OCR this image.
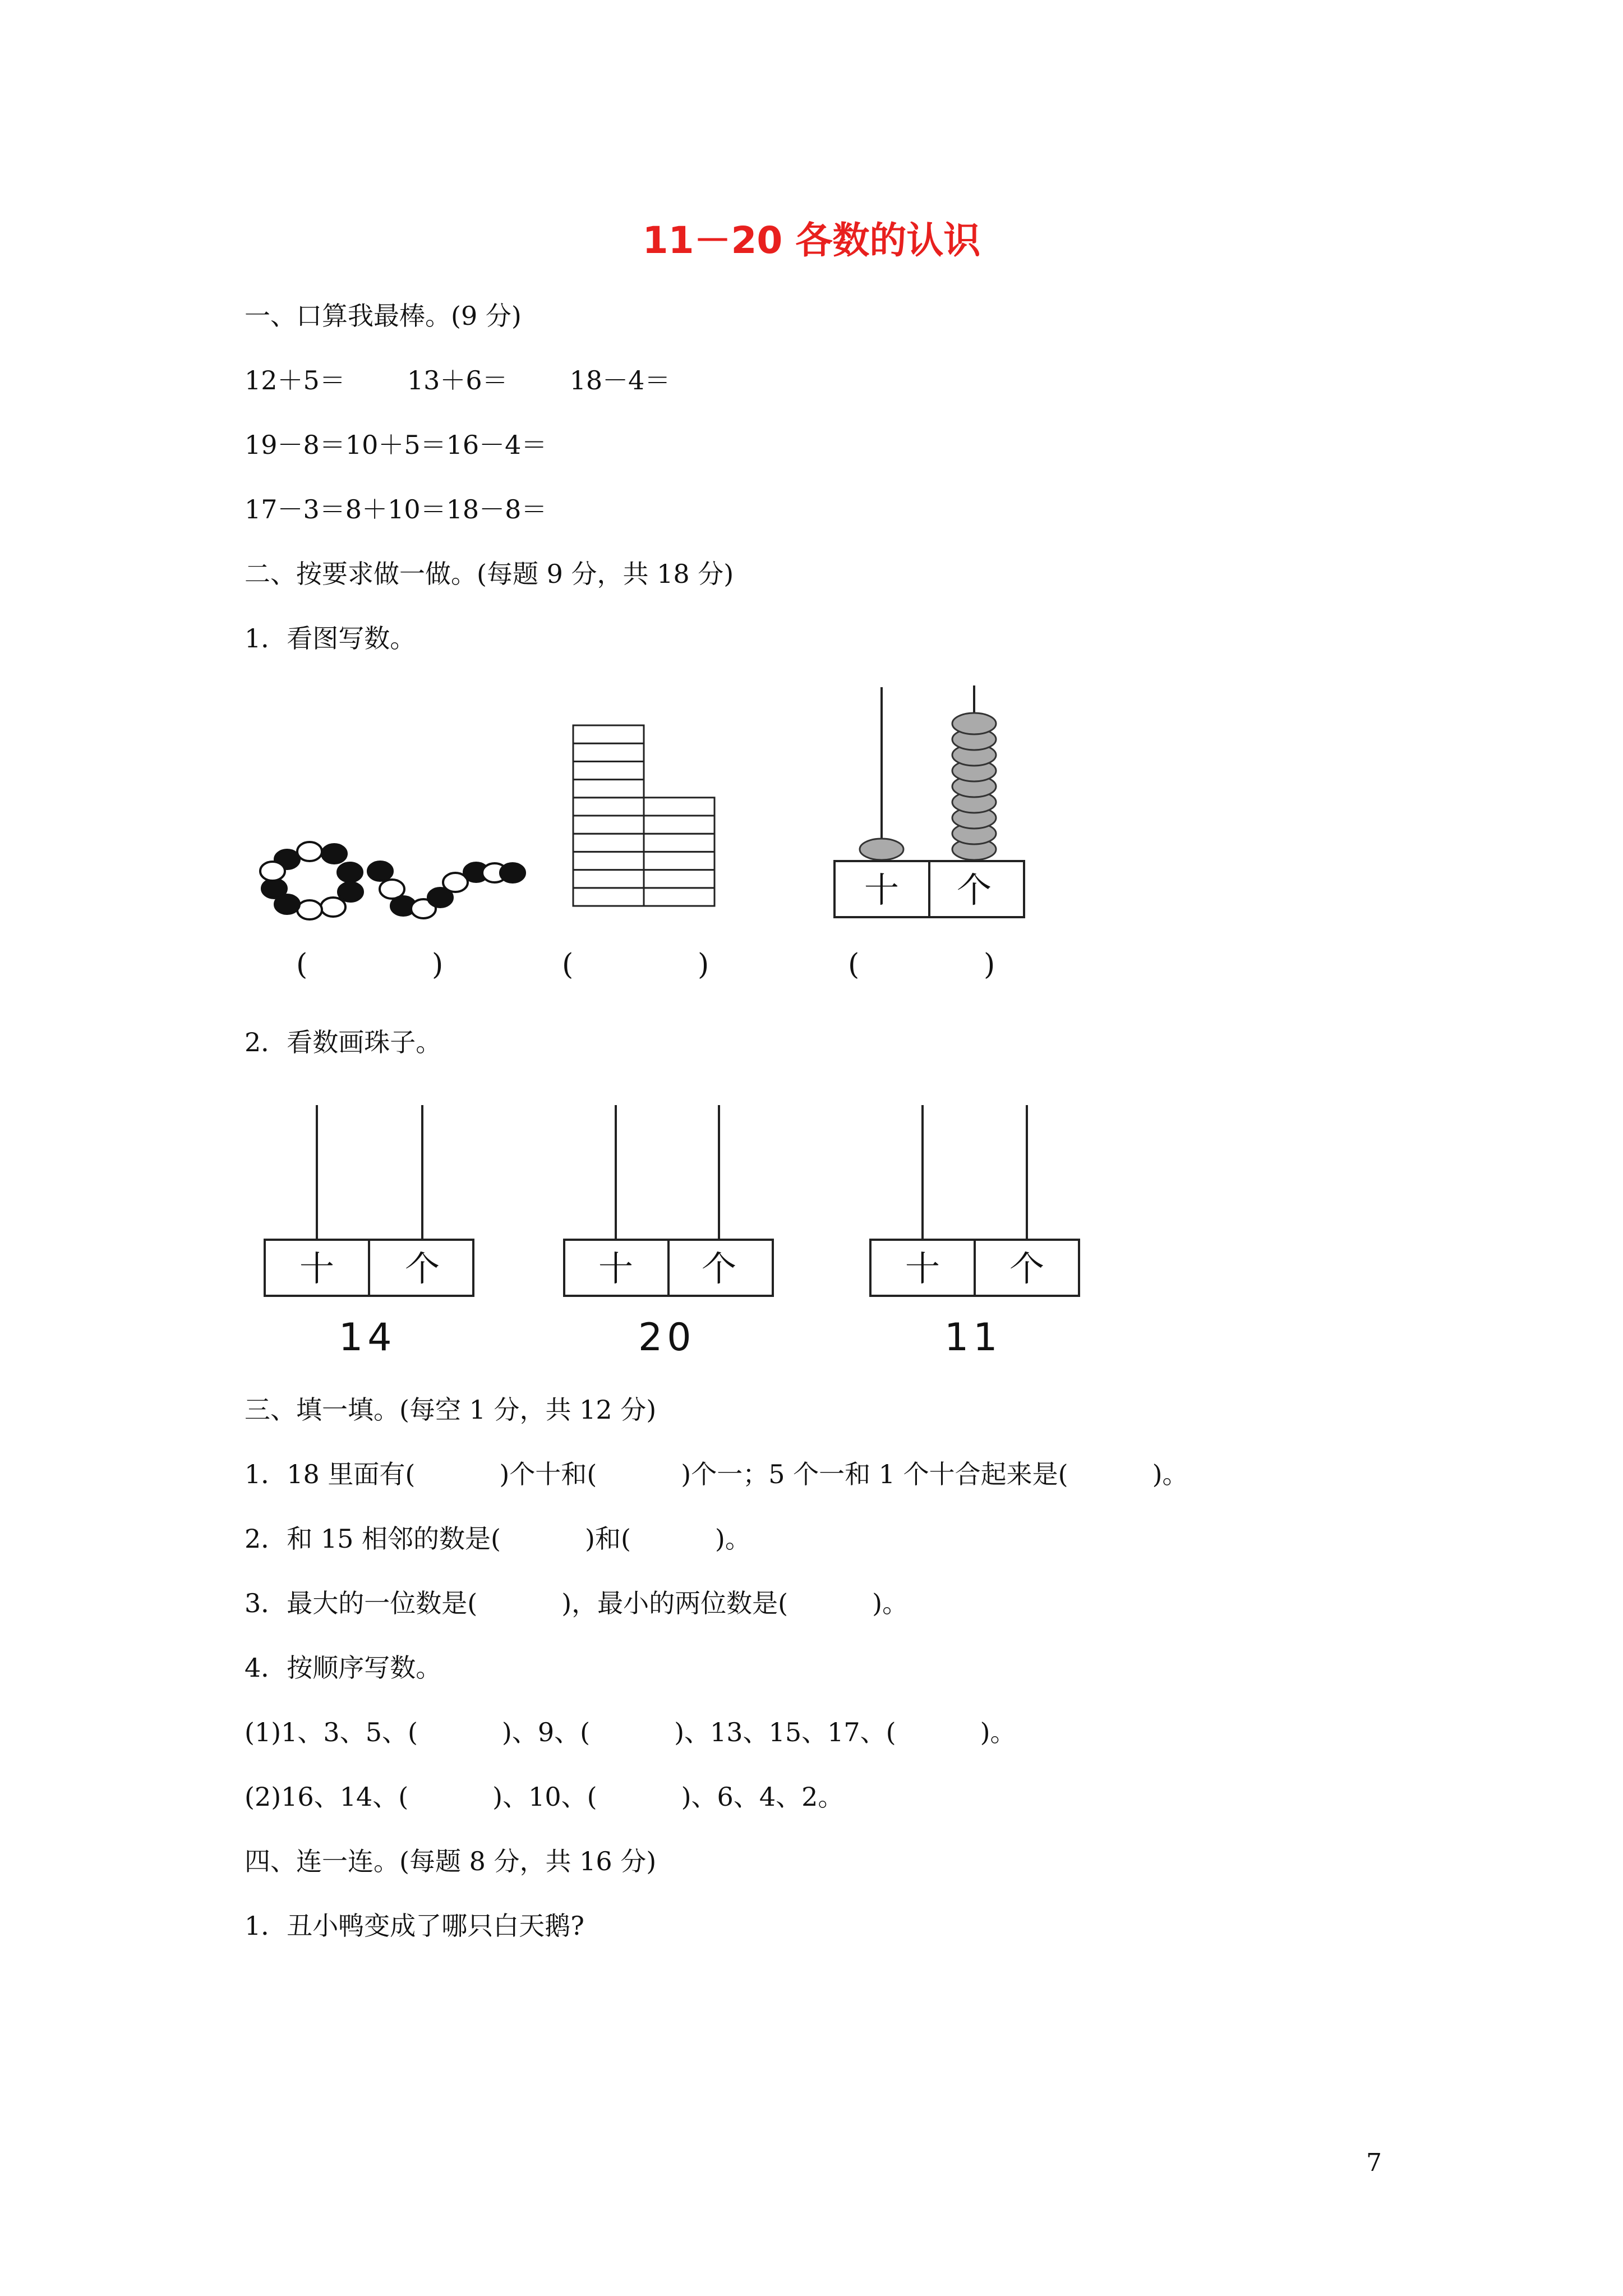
11－20 各数的认识
一、口算我最棒。(9 分)
12＋5＝ 13＋6＝ 18－4＝
19－8＝10＋5＝16－4＝
17－3＝8＋10＝18－8＝
二、按要求做一做。(每题 9 分，共 18 分)
1．看图写数。
十 个
(	)	(	)	(	)
2．看数画珠子。
十 个	十 个	十 个
14	20	11
三、填一填。(每空 1 分，共 12 分)
1．18 里面有(	)个十和(	)个一；5 个一和 1 个十合起来是(	)。
2．和 15 相邻的数是(	)和(	)。
3．最大的一位数是(	)，最小的两位数是(	)。
4．按顺序写数。
(1)1、3、5、(	)、9、(	)、13、15、17、(	)。
(2)16、14、(	)、10、(	)、6、4、2。
四、连一连。(每题 8 分，共 16 分)
1．丑小鸭变成了哪只白天鹅?
7
